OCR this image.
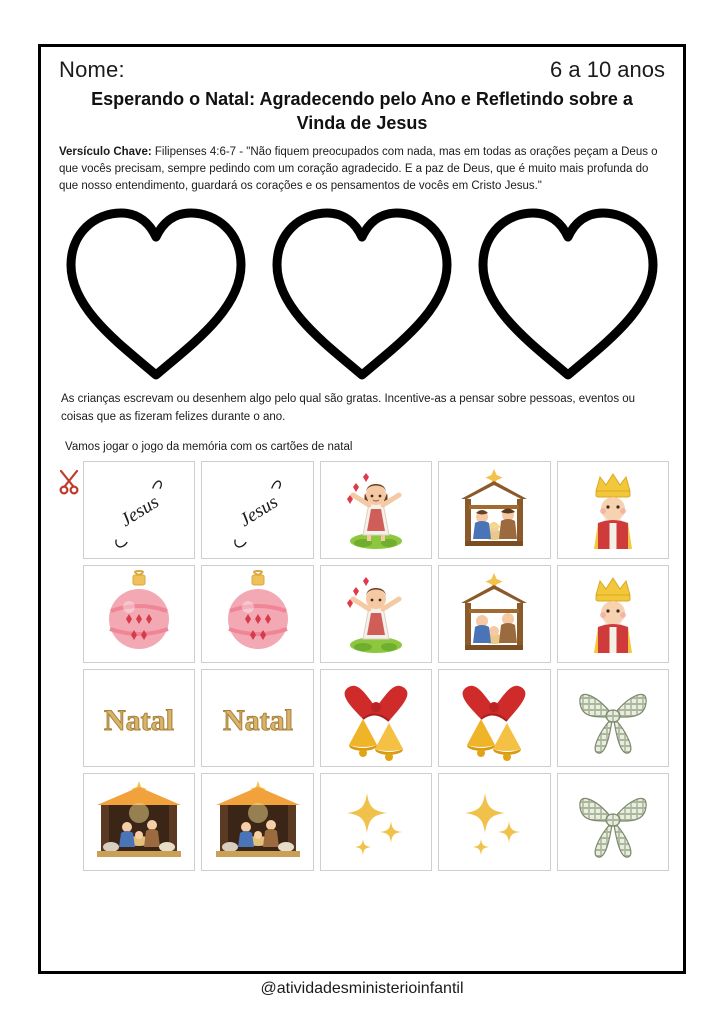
Nome:	6 a 10 anos
Esperando o Natal: Agradecendo pelo Ano e Refletindo sobre a Vinda de Jesus
Versículo Chave: Filipenses 4:6-7 - "Não fiquem preocupados com nada, mas em todas as orações peçam a Deus o que vocês precisam, sempre pedindo com um coração agradecido. E a paz de Deus, que é muito mais profunda do que nosso entendimento, guardará os corações e os pensamentos de vocês em Cristo Jesus."
As crianças escrevam ou desenhem algo pelo qual são gratas. Incentive-as a pensar sobre pessoas, eventos ou coisas que as fizeram felizes durante o ano.
Vamos jogar o jogo da memória com os cartões de natal
Jesus	Jesus
Natal Natal
@atividadesministerioinfantil
